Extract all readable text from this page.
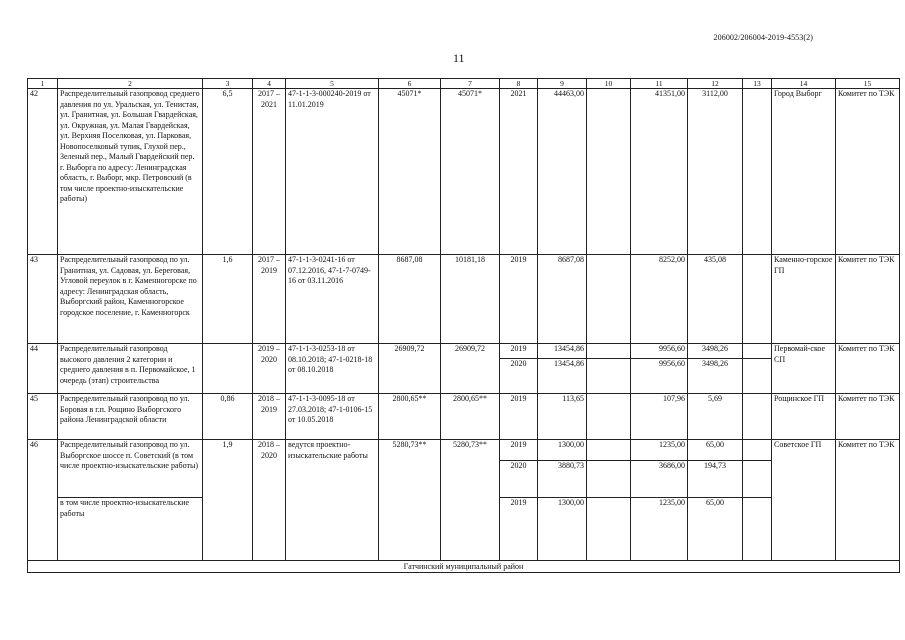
206002/206004-2019-4553(2)
11
1	2	3	4	5	6	7	8	9	10	11	12	13	14	15
42	Распределительный газопровод среднего давления по ул. Уральская, ул. Тенистая, ул. Гранитная, ул. Большая Гвардейская, ул. Окружная, ул. Малая Гвардейская, ул. Верхняя Поселковая, ул. Парковая, Новопоселковый тупик, Глухой пер., Зеленый пер., Малый Гвардейский пер. г. Выборга по адресу: Ленинградская область, г. Выборг, мкр. Петровский (в том числе проектно-изыскательские работы)	6,5	2017 – 2021	47-1-1-3-000240-2019 от 11.01.2019	45071*	45071*	2021	44463,00		41351,00	3112,00		Город Выборг	Комитет по ТЭК
43	Распределительный газопровод по ул. Гранитная, ул. Садовая, ул. Береговая, Угловой переулок в г. Каменногорске по адресу: Ленинградская область, Выборгский район, Каменногорское городское поселение, г. Каменногорск	1,6	2017 – 2019	47-1-1-3-0241-16 от 07.12.2016, 47-1-7-0749-16 от 03.11.2016	8687,08	10181,18	2019	8687,08		8252,00	435,08		Каменно-горское ГП	Комитет по ТЭК
44	Распределительный газопровод высокого давления 2 категории и среднего давления в п. Первомайское, 1 очередь (этап) строительства		2019 – 2020	47-1-1-3-0253-18 от 08.10.2018; 47-1-0218-18 от 08.10.2018	26909,72	26909,72	2019	13454,86		9956,60	3498,26		Первомай-ское СП	Комитет по ТЭК
							2020	13454,86		9956,60	3498,26			
45	Распределительный газопровод по ул. Боровая в г.п. Рощино Выборгского района Ленинградской области	0,86	2018 – 2019	47-1-1-3-0095-18 от 27.03.2018; 47-1-0106-15 от 10.05.2018	2800,65**	2800,65**	2019	113,65		107,96	5,69		Рощинское ГП	Комитет по ТЭК
46	Распределительный газопровод по ул. Выборгское шоссе п. Советский (в том числе проектно-изыскательские работы)	1,9	2018 – 2020	ведутся проектно-изыскательские работы	5280,73**	5280,73**	2019	1300,00		1235,00	65,00		Советское ГП	Комитет по ТЭК
							2020	3880,73		3686,00	194,73			
	в том числе проектно-изыскательские работы						2019	1300,00		1235,00	65,00			
Гатчинский муниципальный район														
